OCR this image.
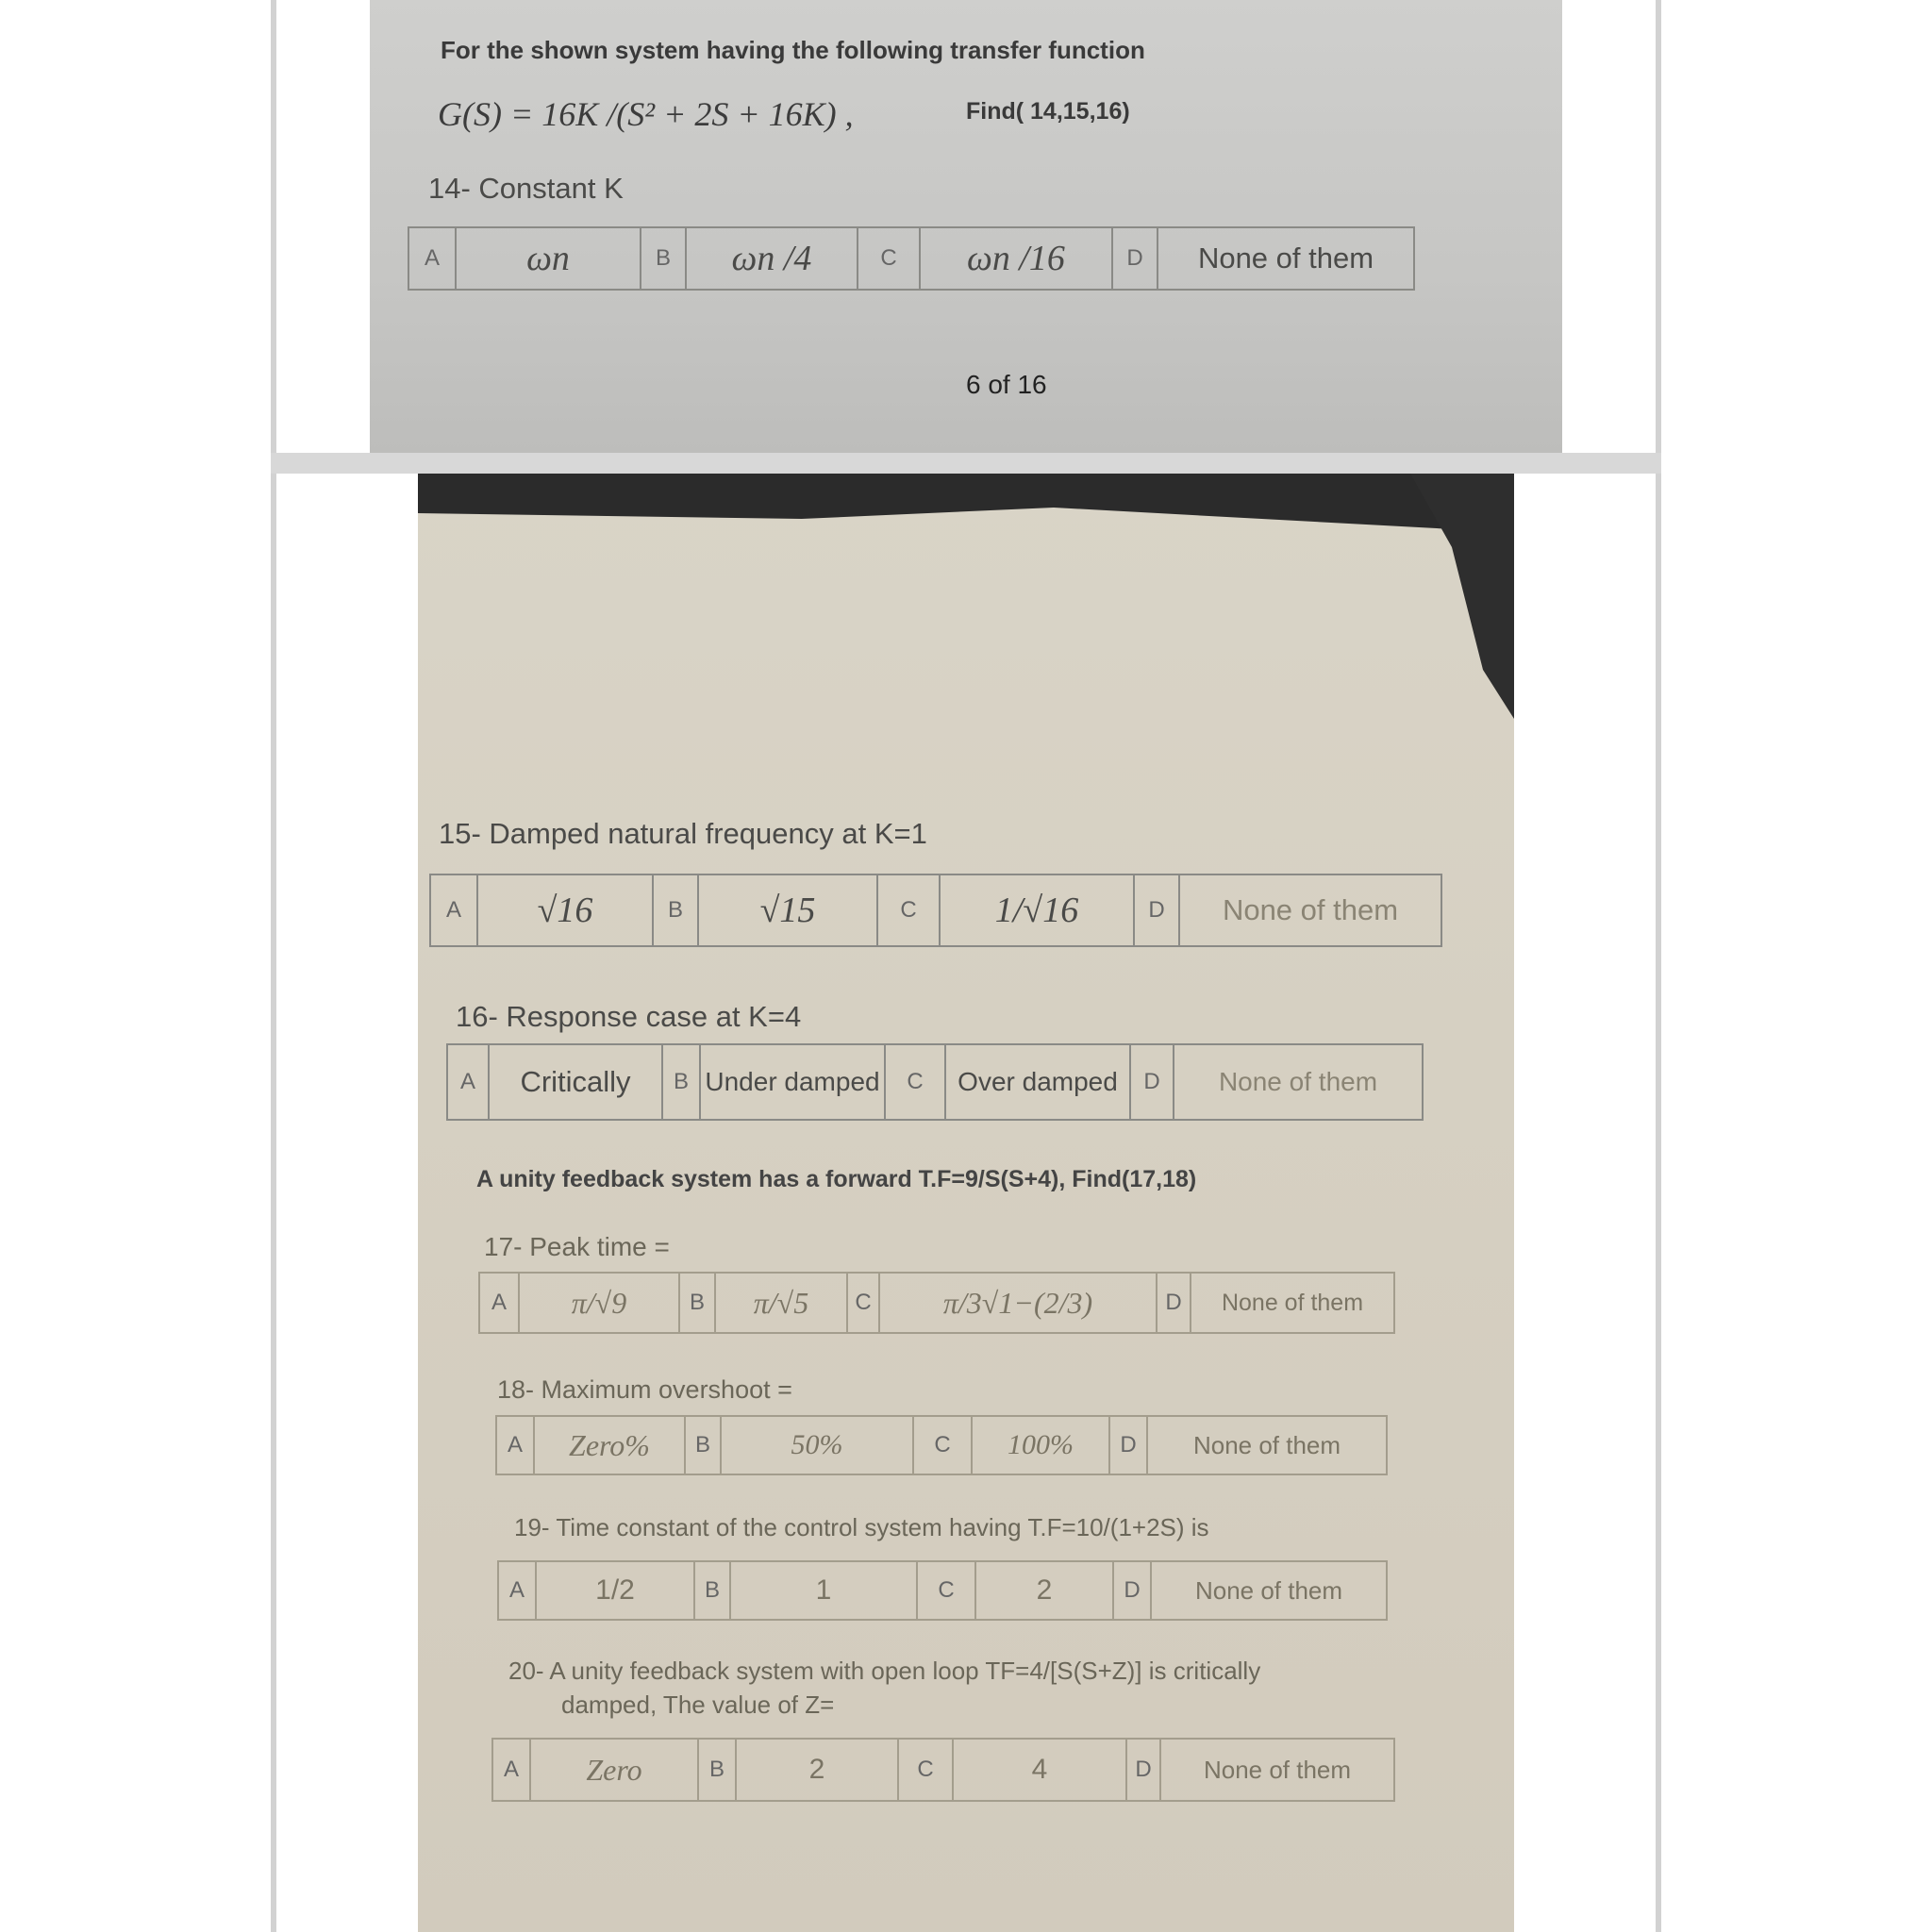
For the shown system having the following transfer function
G(S) = 16K /(S² + 2S + 16K) ,	Find( 14,15,16)
14- Constant K
A	ωn	B	ωn /4	C	ωn /16	D	None of them
6 of 16
15- Damped natural frequency at K=1
A	√16	B	√15	C	1/√16	D	None of them
16- Response case at K=4
A	Critically	B	Under damped	C	Over damped	D	None of them
A unity feedback system has a forward T.F=9/S(S+4), Find(17,18)
17- Peak time =
A	π/√9	B	π/√5	C	π/3√1−(2/3)	D	None of them
18- Maximum overshoot =
A	Zero%	B	50%	C	100%	D	None of them
19- Time constant of the control system having T.F=10/(1+2S) is
A	1/2	B	1	C	2	D	None of them
20- A unity feedback system with open loop TF=4/[S(S+Z)] is critically
damped, The value of Z=
A	Zero	B	2	C	4	D	None of them
